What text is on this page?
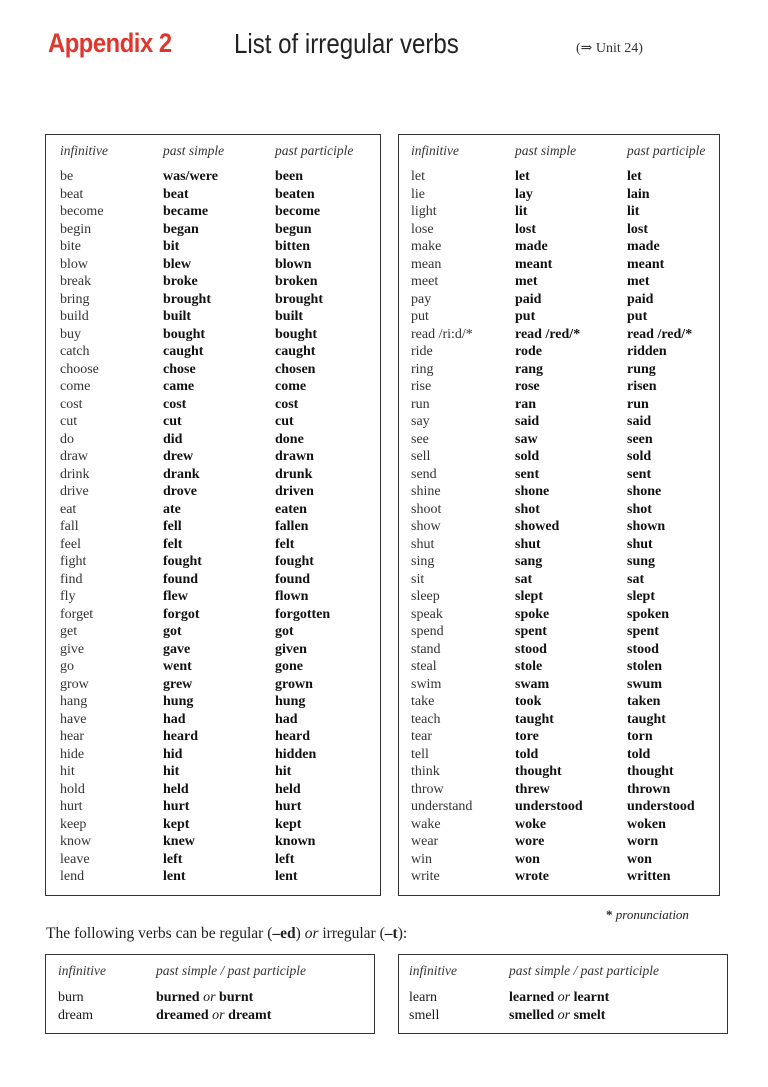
Appendix 2 List of irregular verbs	(⇒ Unit 24)
infinitive	past simple	past participle
be	was/were	been
beat	beat	beaten
become	became	become
begin	began	begun
bite	bit	bitten
blow	blew	blown
break	broke	broken
bring	brought	brought
build	built	built
buy	bought	bought
catch	caught	caught
choose	chose	chosen
come	came	come
cost	cost	cost
cut	cut	cut
do	did	done
draw	drew	drawn
drink	drank	drunk
drive	drove	driven
eat	ate	eaten
fall	fell	fallen
feel	felt	felt
fight	fought	fought
find	found	found
fly	flew	flown
forget	forgot	forgotten
get	got	got
give	gave	given
go	went	gone
grow	grew	grown
hang	hung	hung
have	had	had
hear	heard	heard
hide	hid	hidden
hit	hit	hit
hold	held	held
hurt	hurt	hurt
keep	kept	kept
know	knew	known
leave	left	left
lend	lent	lent
infinitive	past simple	past participle
let	let	let
lie	lay	lain
light	lit	lit
lose	lost	lost
make	made	made
mean	meant	meant
meet	met	met
pay	paid	paid
put	put	put
read /ri:d/*	read /red/*	read /red/*
ride	rode	ridden
ring	rang	rung
rise	rose	risen
run	ran	run
say	said	said
see	saw	seen
sell	sold	sold
send	sent	sent
shine	shone	shone
shoot	shot	shot
show	showed	shown
shut	shut	shut
sing	sang	sung
sit	sat	sat
sleep	slept	slept
speak	spoke	spoken
spend	spent	spent
stand	stood	stood
steal	stole	stolen
swim	swam	swum
take	took	taken
teach	taught	taught
tear	tore	torn
tell	told	told
think	thought	thought
throw	threw	thrown
understand	understood	understood
wake	woke	woken
wear	wore	worn
win	won	won
write	wrote	written
* pronunciation
The following verbs can be regular (–ed) or irregular (–t):
infinitive	past simple / past participle
burn	burned or burnt
dream	dreamed or dreamt
infinitive	past simple / past participle
learn	learned or learnt
smell	smelled or smelt
